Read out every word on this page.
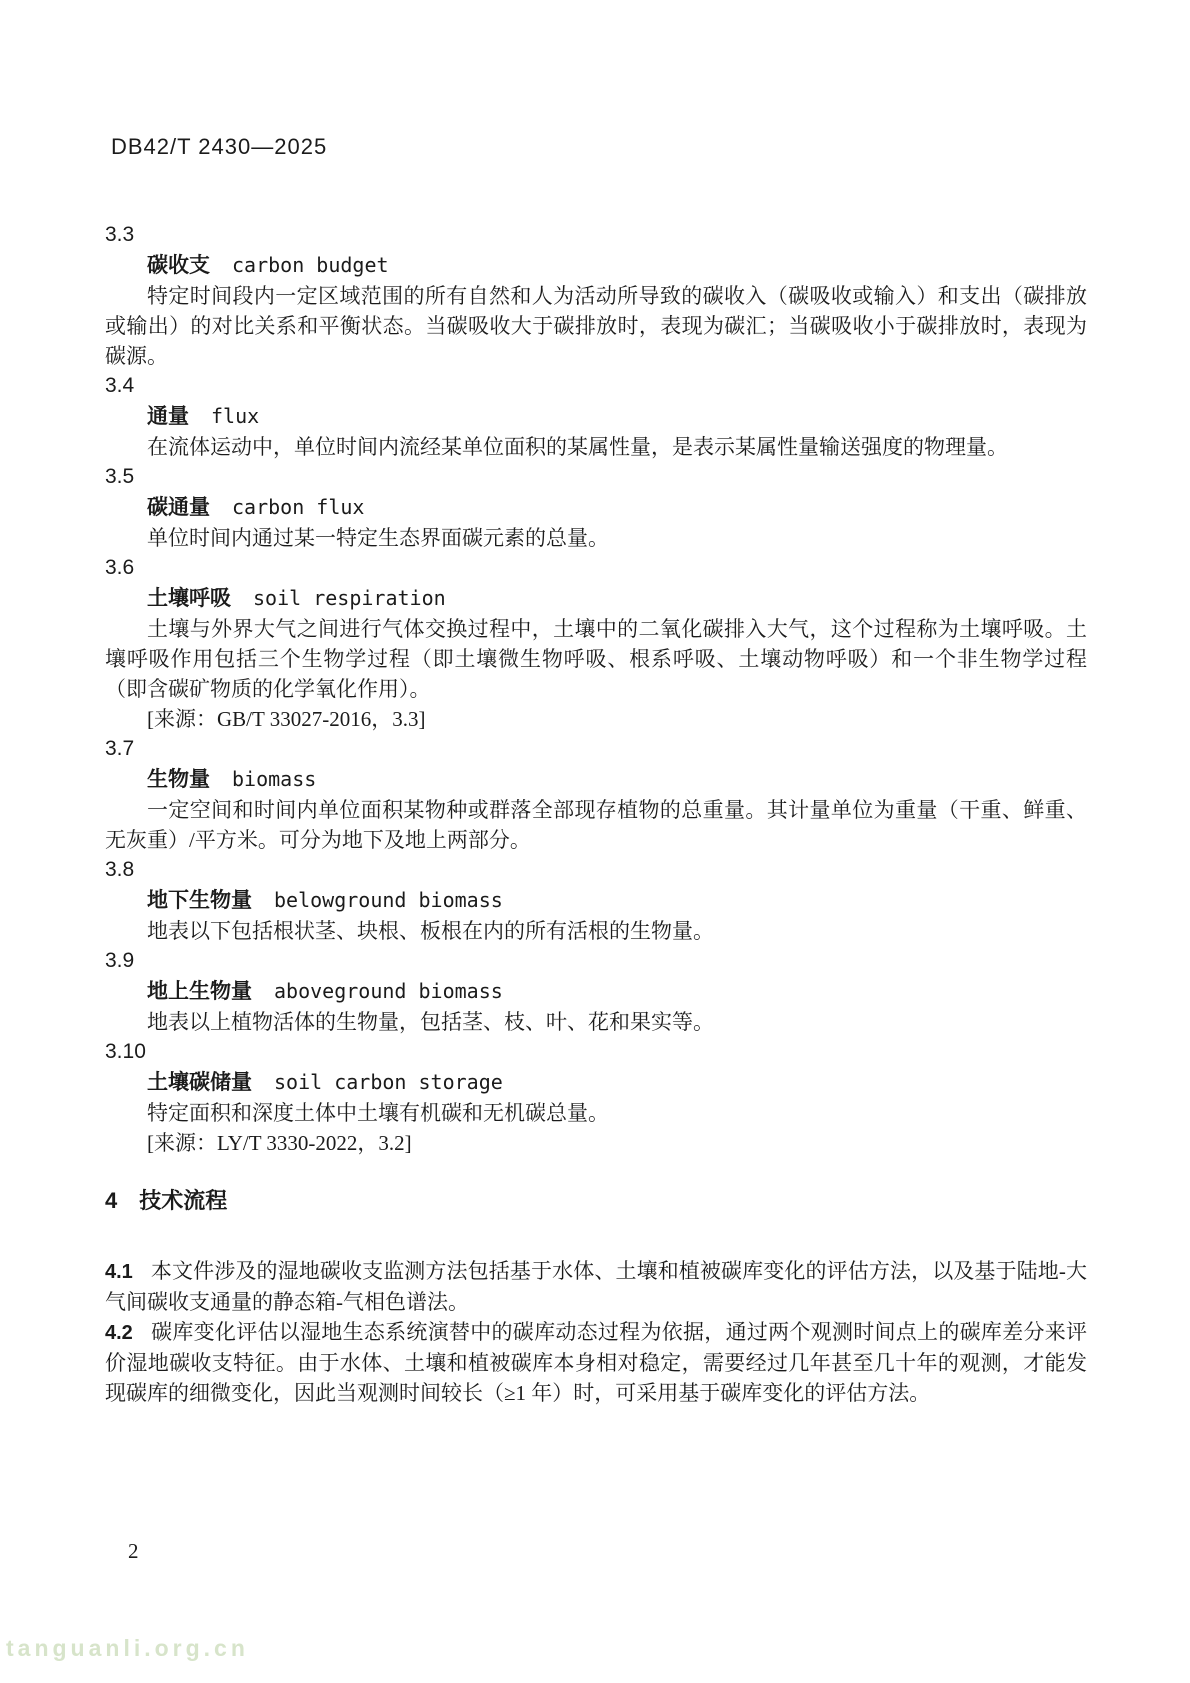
DB42/T 2430—2025
3.3
碳收支 carbon budget

特定时间段内一定区域范围的所有自然和人为活动所导致的碳收入（碳吸收或输入）和支出（碳排放或输出）的对比关系和平衡状态。当碳吸收大于碳排放时，表现为碳汇；当碳吸收小于碳排放时，表现为碳源。

3.4
通量 flux

在流体运动中，单位时间内流经某单位面积的某属性量，是表示某属性量输送强度的物理量。

3.5
碳通量 carbon flux

单位时间内通过某一特定生态界面碳元素的总量。

3.6
土壤呼吸 soil respiration

土壤与外界大气之间进行气体交换过程中，土壤中的二氧化碳排入大气，这个过程称为土壤呼吸。土壤呼吸作用包括三个生物学过程（即土壤微生物呼吸、根系呼吸、土壤动物呼吸）和一个非生物学过程（即含碳矿物质的化学氧化作用）。

[来源：GB/T 33027-2016，3.3]

3.7
生物量 biomass

一定空间和时间内单位面积某物种或群落全部现存植物的总重量。其计量单位为重量（干重、鲜重、无灰重）/平方米。可分为地下及地上两部分。

3.8
地下生物量 belowground biomass

地表以下包括根状茎、块根、板根在内的所有活根的生物量。

3.9
地上生物量 aboveground biomass

地表以上植物活体的生物量，包括茎、枝、叶、花和果实等。

3.10
土壤碳储量 soil carbon storage

特定面积和深度土体中土壤有机碳和无机碳总量。

[来源：LY/T 3330-2022，3.2]

4 技术流程

4.1 本文件涉及的湿地碳收支监测方法包括基于水体、土壤和植被碳库变化的评估方法，以及基于陆地-大气间碳收支通量的静态箱-气相色谱法。

4.2 碳库变化评估以湿地生态系统演替中的碳库动态过程为依据，通过两个观测时间点上的碳库差分来评价湿地碳收支特征。由于水体、土壤和植被碳库本身相对稳定，需要经过几年甚至几十年的观测，才能发现碳库的细微变化，因此当观测时间较长（≥1 年）时，可采用基于碳库变化的评估方法。

2
tanguanli.org.cn
